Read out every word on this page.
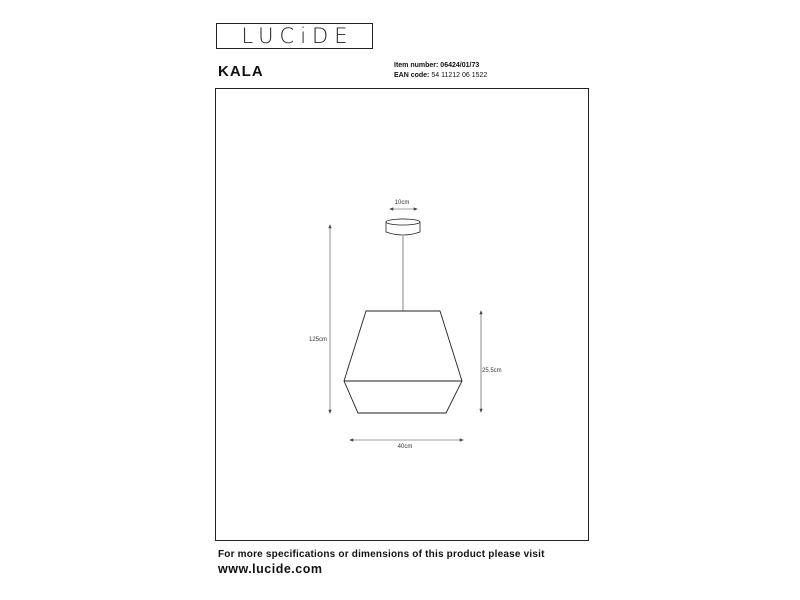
LUCiDE
KALA	Item number: 06424/01/73
EAN code: 54 11212 06 1522
10cm
125cm
25.5cm
40cm
For more specifications or dimensions of this product please visit
www.lucide.com
